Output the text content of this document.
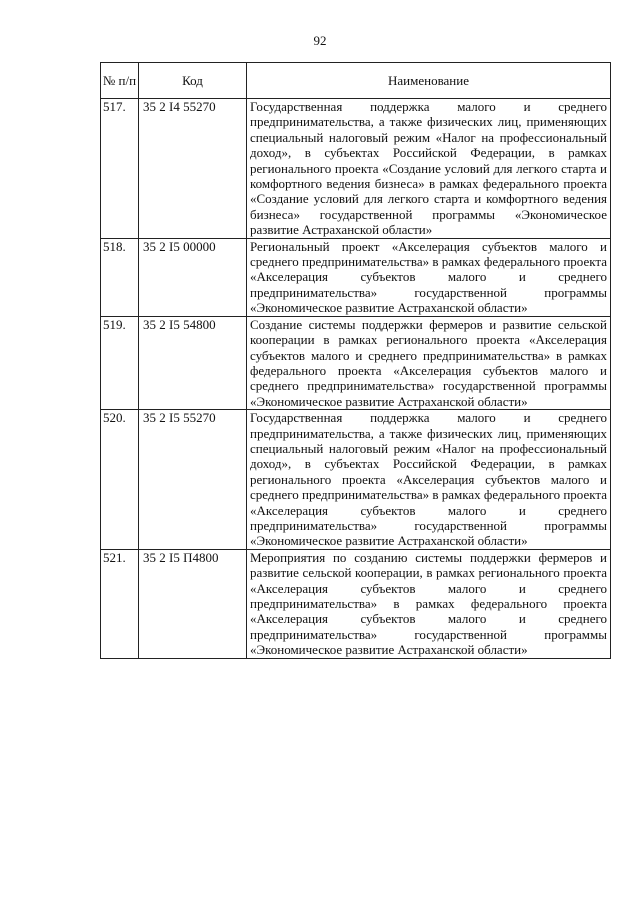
92
№ п/п	Код	Наименование
517.	35 2 I4 55270	Государственная поддержка малого и среднего предпринимательства, а также физических лиц, применяющих специальный налоговый режим «Налог на профессиональный доход», в субъектах Российской Федерации, в рамках регионального проекта «Создание условий для легкого старта и комфортного ведения бизнеса» в рамках федерального проекта «Создание условий для легкого старта и комфортного ведения бизнеса» государственной программы «Экономическое развитие Астраханской области»
518.	35 2 I5 00000	Региональный проект «Акселерация субъектов малого и среднего предпринимательства» в рамках федерального проекта «Акселерация субъектов малого и среднего предпринимательства» государственной программы «Экономическое развитие Астраханской области»
519.	35 2 I5 54800	Создание системы поддержки фермеров и развитие сельской кооперации в рамках регионального проекта «Акселерация субъектов малого и среднего предпринимательства» в рамках федерального проекта «Акселерация субъектов малого и среднего предпринимательства» государственной программы «Экономическое развитие Астраханской области»
520.	35 2 I5 55270	Государственная поддержка малого и среднего предпринимательства, а также физических лиц, применяющих специальный налоговый режим «Налог на профессиональный доход», в субъектах Российской Федерации, в рамках регионального проекта «Акселерация субъектов малого и среднего предпринимательства» в рамках федерального проекта «Акселерация субъектов малого и среднего предпринимательства» государственной программы «Экономическое развитие Астраханской области»
521.	35 2 I5 П4800	Мероприятия по созданию системы поддержки фермеров и развитие сельской кооперации, в рамках регионального проекта «Акселерация субъектов малого и среднего предпринимательства» в рамках федерального проекта «Акселерация субъектов малого и среднего предпринимательства» государственной программы «Экономическое развитие Астраханской области»
